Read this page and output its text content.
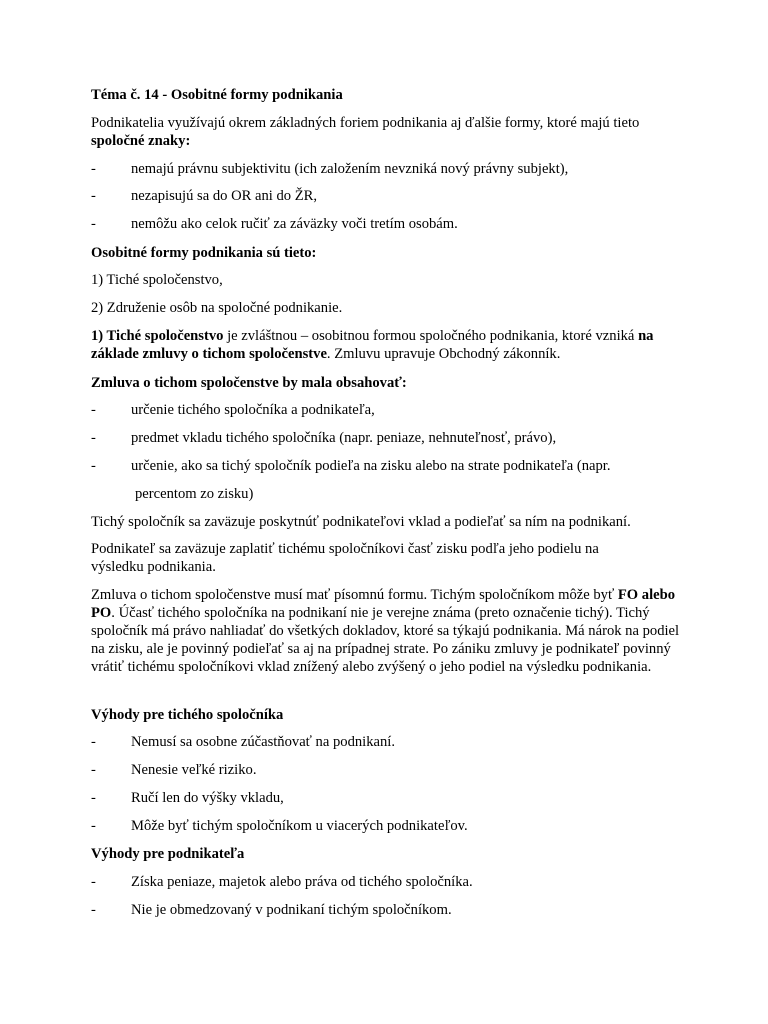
Téma č. 14 - Osobitné formy podnikania
Podnikatelia využívajú okrem základných foriem podnikania aj ďalšie formy, ktoré majú tieto spoločné znaky:
- nemajú právnu subjektivitu (ich založením nevzniká nový právny subjekt),
- nezapisujú sa do OR ani do ŽR,
- nemôžu ako celok ručiť za záväzky voči tretím osobám.
Osobitné formy podnikania sú tieto:
1) Tiché spoločenstvo,
2) Združenie osôb na spoločné podnikanie.
1) Tiché spoločenstvo je zvláštnou – osobitnou formou spoločného podnikania, ktoré vzniká na základe zmluvy o tichom spoločenstve. Zmluvu upravuje Obchodný zákonník.
Zmluva o tichom spoločenstve by mala obsahovať:
- určenie tichého spoločníka a podnikateľa,
- predmet vkladu tichého spoločníka (napr. peniaze, nehnuteľnosť, právo),
- určenie, ako sa tichý spoločník podieľa na zisku alebo na strate podnikateľa (napr.
percentom zo zisku)
Tichý spoločník sa zaväzuje poskytnúť podnikateľovi vklad a podieľať sa ním na podnikaní.
Podnikateľ sa zaväzuje zaplatiť tichému spoločníkovi časť zisku podľa jeho podielu na výsledku podnikania.
Zmluva o tichom spoločenstve musí mať písomnú formu. Tichým spoločníkom môže byť FO alebo PO. Účasť tichého spoločníka na podnikaní nie je verejne známa (preto označenie tichý). Tichý spoločník má právo nahliadať do všetkých dokladov, ktoré sa týkajú podnikania. Má nárok na podiel na zisku, ale je povinný podieľať sa aj na prípadnej strate. Po zániku zmluvy je podnikateľ povinný vrátiť tichému spoločníkovi vklad znížený alebo zvýšený o jeho podiel na výsledku podnikania.
Výhody pre tichého spoločníka
- Nemusí sa osobne zúčastňovať na podnikaní.
- Nenesie veľké riziko.
- Ručí len do výšky vkladu,
- Môže byť tichým spoločníkom u viacerých podnikateľov.
Výhody pre podnikateľa
- Získa peniaze, majetok alebo práva od tichého spoločníka.
- Nie je obmedzovaný v podnikaní tichým spoločníkom.
